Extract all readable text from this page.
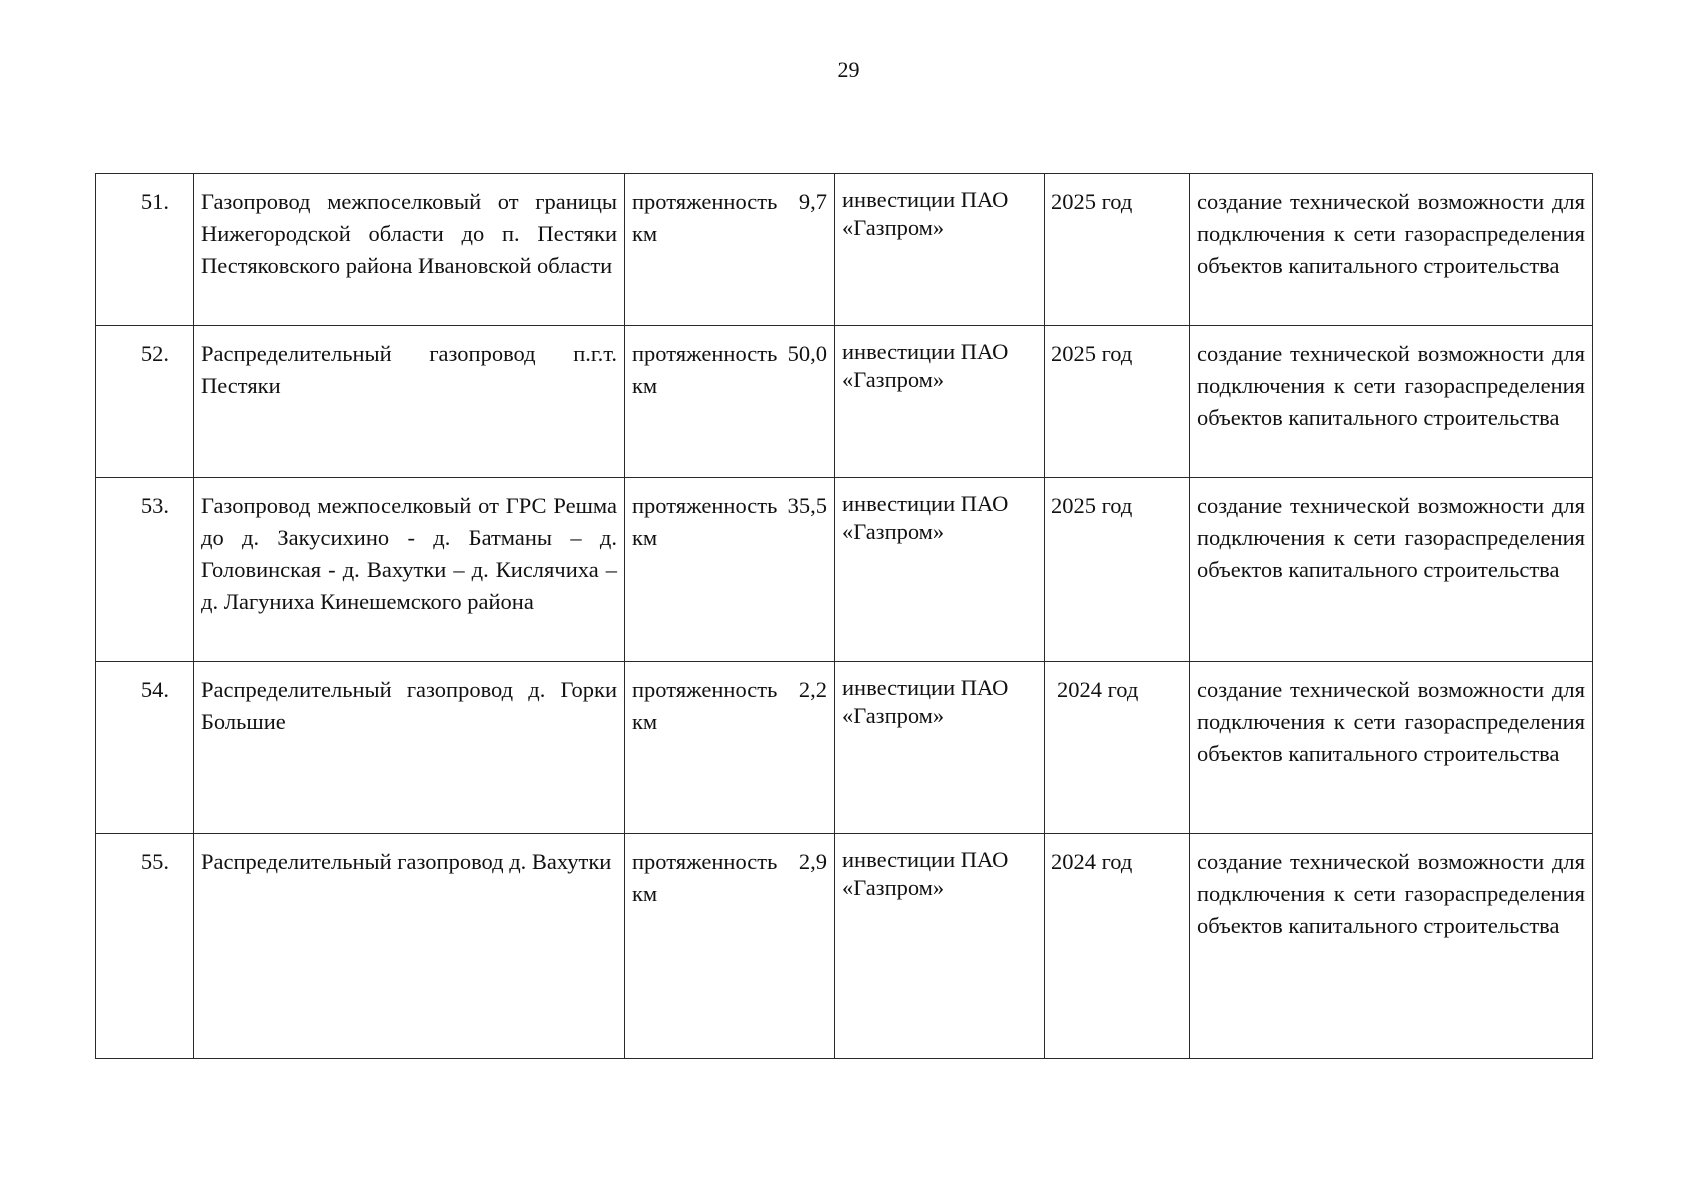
29
51.	Газопровод межпоселковый от границы Нижегородской области до п. Пестяки Пестяковского района Ивановской области	протяженность 9,7 км	инвестиции ПАО «Газпром»	2025 год	создание технической возможности для подключения к сети газораспределения объектов капитального строительства
52.	Распределительный газопровод п.г.т. Пестяки	протяженность 50,0 км	инвестиции ПАО «Газпром»	2025 год	создание технической возможности для подключения к сети газораспределения объектов капитального строительства
53.	Газопровод межпоселковый от ГРС Решма до д. Закусихино - д. Батманы – д. Головинская - д. Вахутки – д. Кислячиха – д. Лагуниха Кинешемского района	протяженность 35,5 км	инвестиции ПАО «Газпром»	2025 год	создание технической возможности для подключения к сети газораспределения объектов капитального строительства
54.	Распределительный газопровод д. Горки Большие	протяженность 2,2 км	инвестиции ПАО «Газпром»	2024 год	создание технической возможности для подключения к сети газораспределения объектов капитального строительства
55.	Распределительный газопровод д. Вахутки	протяженность 2,9 км	инвестиции ПАО «Газпром»	2024 год	создание технической возможности для подключения к сети газораспределения объектов капитального строительства
